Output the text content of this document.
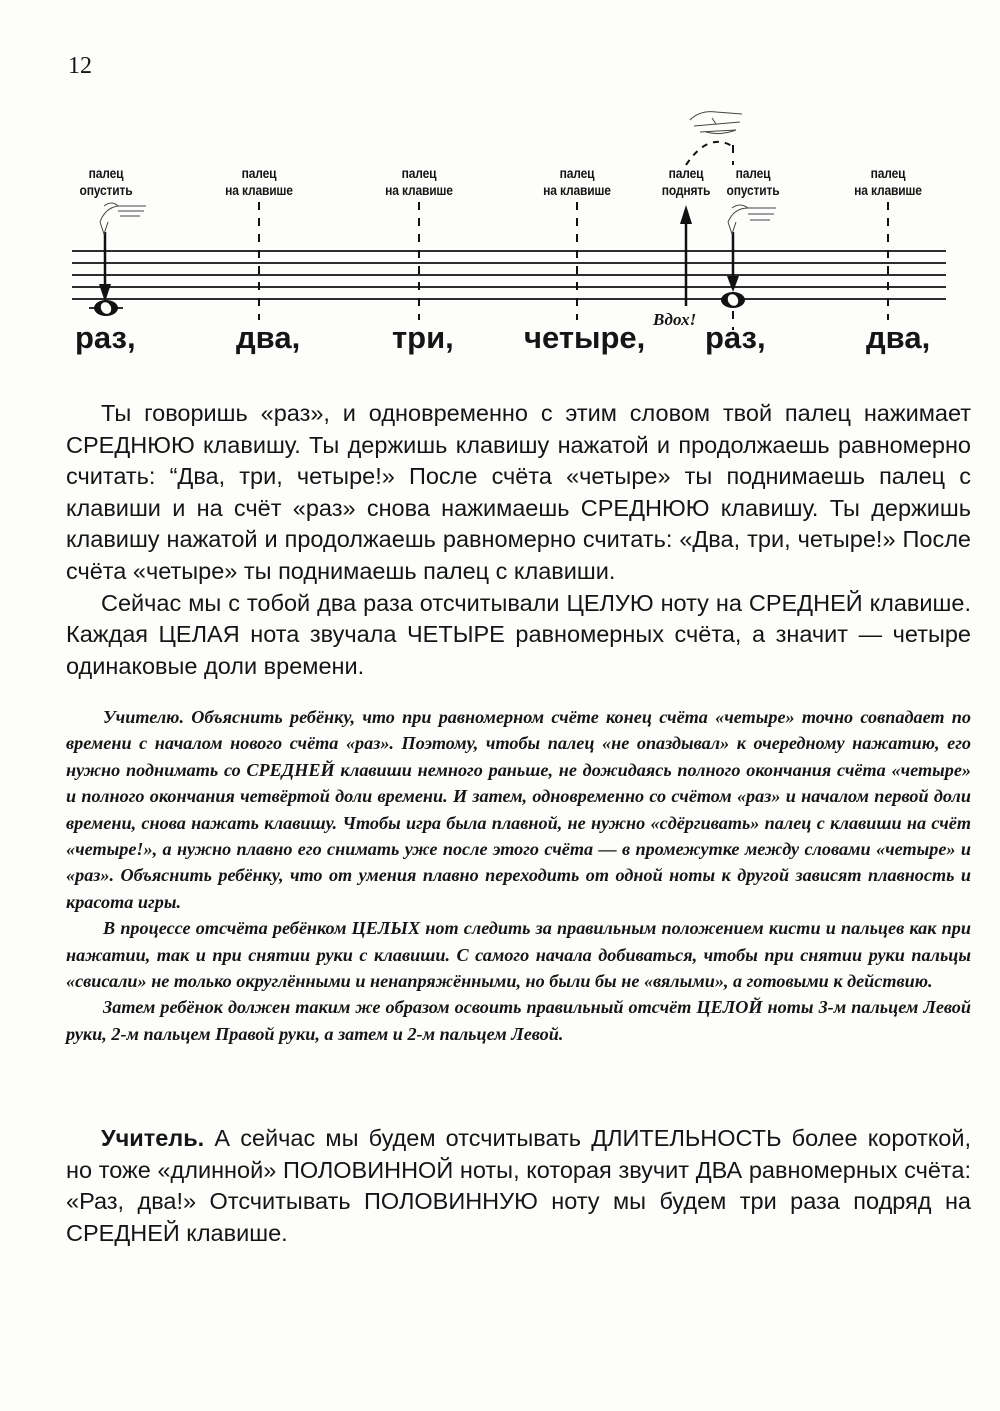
12
палец
опустить
палец
на клавише
палец
на клавише
палец
на клавише
палец
поднять
палец
опустить
палец
на клавише
раз,	два,	три, четыре, раз,	два,
Вдох!

Ты говоришь «раз», и одновременно с этим словом твой палец нажимает СРЕДНЮЮ клавишу. Ты держишь клавишу нажатой и продолжаешь равномерно считать: “Два, три, четыре!» После счёта «четыре» ты поднимаешь палец с клавиши и на счёт «раз» снова нажимаешь СРЕДНЮЮ клавишу. Ты держишь клавишу нажатой и продолжаешь равномерно считать: «Два, три, четыре!» После счёта «четыре» ты поднимаешь палец с клавиши.

Сейчас мы с тобой два раза отсчитывали ЦЕЛУЮ ноту на СРЕДНЕЙ клавише. Каждая ЦЕЛАЯ нота звучала ЧЕТЫРЕ равномерных счёта, а значит — четыре одинаковые доли времени.

Учителю. Объяснить ребёнку, что при равномерном счёте конец счёта «четыре» точно совпадает по времени с началом нового счёта «раз». Поэтому, чтобы палец «не опаздывал» к очередному нажатию, его нужно поднимать со СРЕДНЕЙ клавиши немного раньше, не дожидаясь полного окончания счёта «четыре» и полного окончания четвёртой доли времени. И затем, одновременно со счётом «раз» и началом первой доли времени, снова нажать клавишу. Чтобы игра была плавной, не нужно «сдёргивать» палец с клавиши на счёт «четыре!», а нужно плавно его снимать уже после этого счёта — в промежутке между словами «четыре» и «раз». Объяснить ребёнку, что от умения плавно переходить от одной ноты к другой зависят плавность и красота игры.

В процессе отсчёта ребёнком ЦЕЛЫХ нот следить за правильным положением кисти и пальцев как при нажатии, так и при снятии руки с клавиши. С самого начала добиваться, чтобы при снятии руки пальцы «свисали» не только округлёнными и ненапряжёнными, но были бы не «вялыми», а готовыми к действию.

Затем ребёнок должен таким же образом освоить правильный отсчёт ЦЕЛОЙ ноты 3-м пальцем Левой руки, 2-м пальцем Правой руки, а затем и 2-м пальцем Левой.

Учитель. А сейчас мы будем отсчитывать ДЛИТЕЛЬНОСТЬ более короткой, но тоже «длинной» ПОЛОВИННОЙ ноты, которая звучит ДВА равномерных счёта: «Раз, два!» Отсчитывать ПОЛОВИННУЮ ноту мы будем три раза подряд на СРЕДНЕЙ клавише.
